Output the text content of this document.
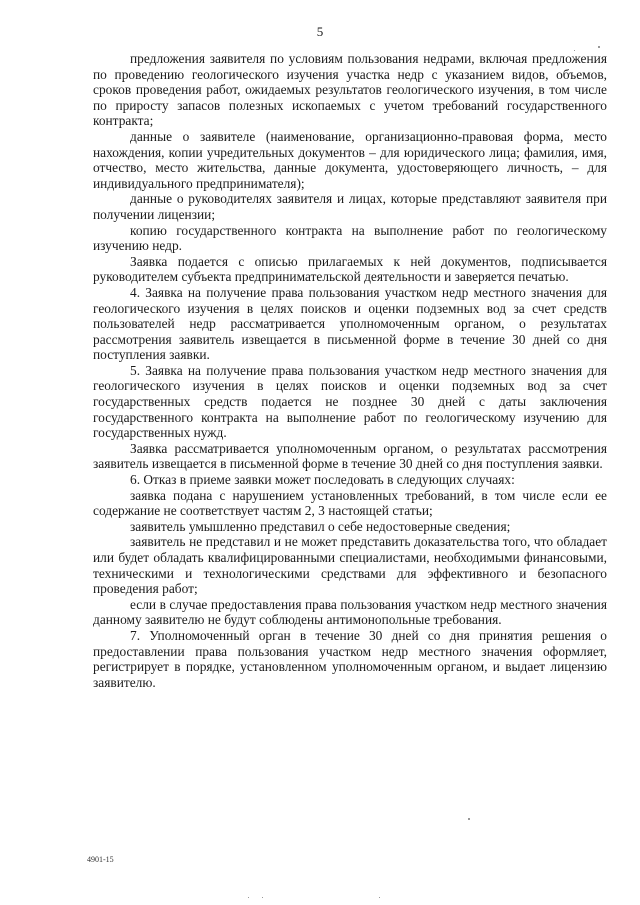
5

предложения заявителя по условиям пользования недрами, включая предложения по проведению геологического изучения участка недр с указанием видов, объемов, сроков проведения работ, ожидаемых результатов геологического изучения, в том числе по приросту запасов полезных ископаемых с учетом требований государственного контракта;

данные о заявителе (наименование, организационно-правовая форма, место нахождения, копии учредительных документов – для юридического лица; фамилия, имя, отчество, место жительства, данные документа, удостоверяющего личность, – для индивидуального предпринимателя);

данные о руководителях заявителя и лицах, которые представляют заявителя при получении лицензии;

копию государственного контракта на выполнение работ по геологическому изучению недр.

Заявка подается с описью прилагаемых к ней документов, подписывается руководителем субъекта предпринимательской деятельности и заверяется печатью.

4. Заявка на получение права пользования участком недр местного значения для геологического изучения в целях поисков и оценки подземных вод за счет средств пользователей недр рассматривается уполномоченным органом, о результатах рассмотрения заявитель извещается в письменной форме в течение 30 дней со дня поступления заявки.

5. Заявка на получение права пользования участком недр местного значения для геологического изучения в целях поисков и оценки подземных вод за счет государственных средств подается не позднее 30 дней с даты заключения государственного контракта на выполнение работ по геологическому изучению для государственных нужд.

Заявка рассматривается уполномоченным органом, о результатах рассмотрения заявитель извещается в письменной форме в течение 30 дней со дня поступления заявки.

6. Отказ в приеме заявки может последовать в следующих случаях:

заявка подана с нарушением установленных требований, в том числе если ее содержание не соответствует частям 2, 3 настоящей статьи;

заявитель умышленно представил о себе недостоверные сведения;

заявитель не представил и не может представить доказательства того, что обладает или будет обладать квалифицированными специалистами, необходимыми финансовыми, техническими и технологическими средствами для эффективного и безопасного проведения работ;

если в случае предоставления права пользования участком недр местного значения данному заявителю не будут соблюдены антимонопольные требования.

7. Уполномоченный орган в течение 30 дней со дня принятия решения о предоставлении права пользования участком недр местного значения оформляет, регистрирует в порядке, установленном уполномоченным органом, и выдает лицензию заявителю.

4901-15
